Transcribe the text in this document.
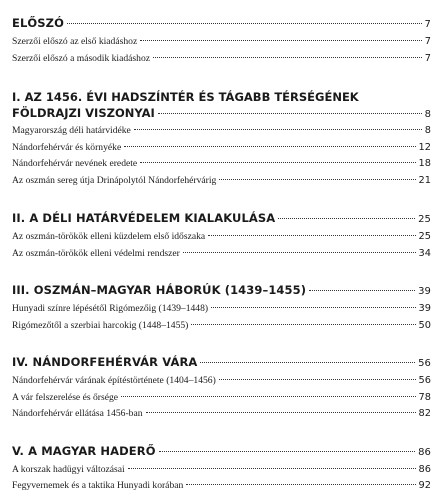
ELŐSZÓ	7
Szerzői előszó az első kiadáshoz	7
Szerzői előszó a második kiadáshoz	7
I. AZ 1456. ÉVI HADSZÍNTÉR ÉS TÁGABB TÉRSÉGÉNEK
FÖLDRAJZI VISZONYAI	8
Magyarország déli határvidéke	8
Nándorfehérvár és környéke	12
Nándorfehérvár nevének eredete	18
Az oszmán sereg útja Drinápolytól Nándorfehérvárig	21
II. A DÉLI HATÁRVÉDELEM KIALAKULÁSA	25
Az oszmán-törökök elleni küzdelem első időszaka	25
Az oszmán-törökök elleni védelmi rendszer	34
III. OSZMÁN–MAGYAR HÁBORÚK (1439–1455)	39
Hunyadi színre lépésétől Rigómezőig (1439–1448)	39
Rigómezőtől a szerbiai harcokig (1448–1455)	50
IV. NÁNDORFEHÉRVÁR VÁRA	56
Nándorfehérvár várának építéstörténete (1404–1456)	56
A vár felszerelése és őrsége	78
Nándorfehérvár ellátása 1456-ban	82
V. A MAGYAR HADERŐ	86
A korszak hadügyi változásai	86
Fegyvernemek és a taktika Hunyadi korában	92
